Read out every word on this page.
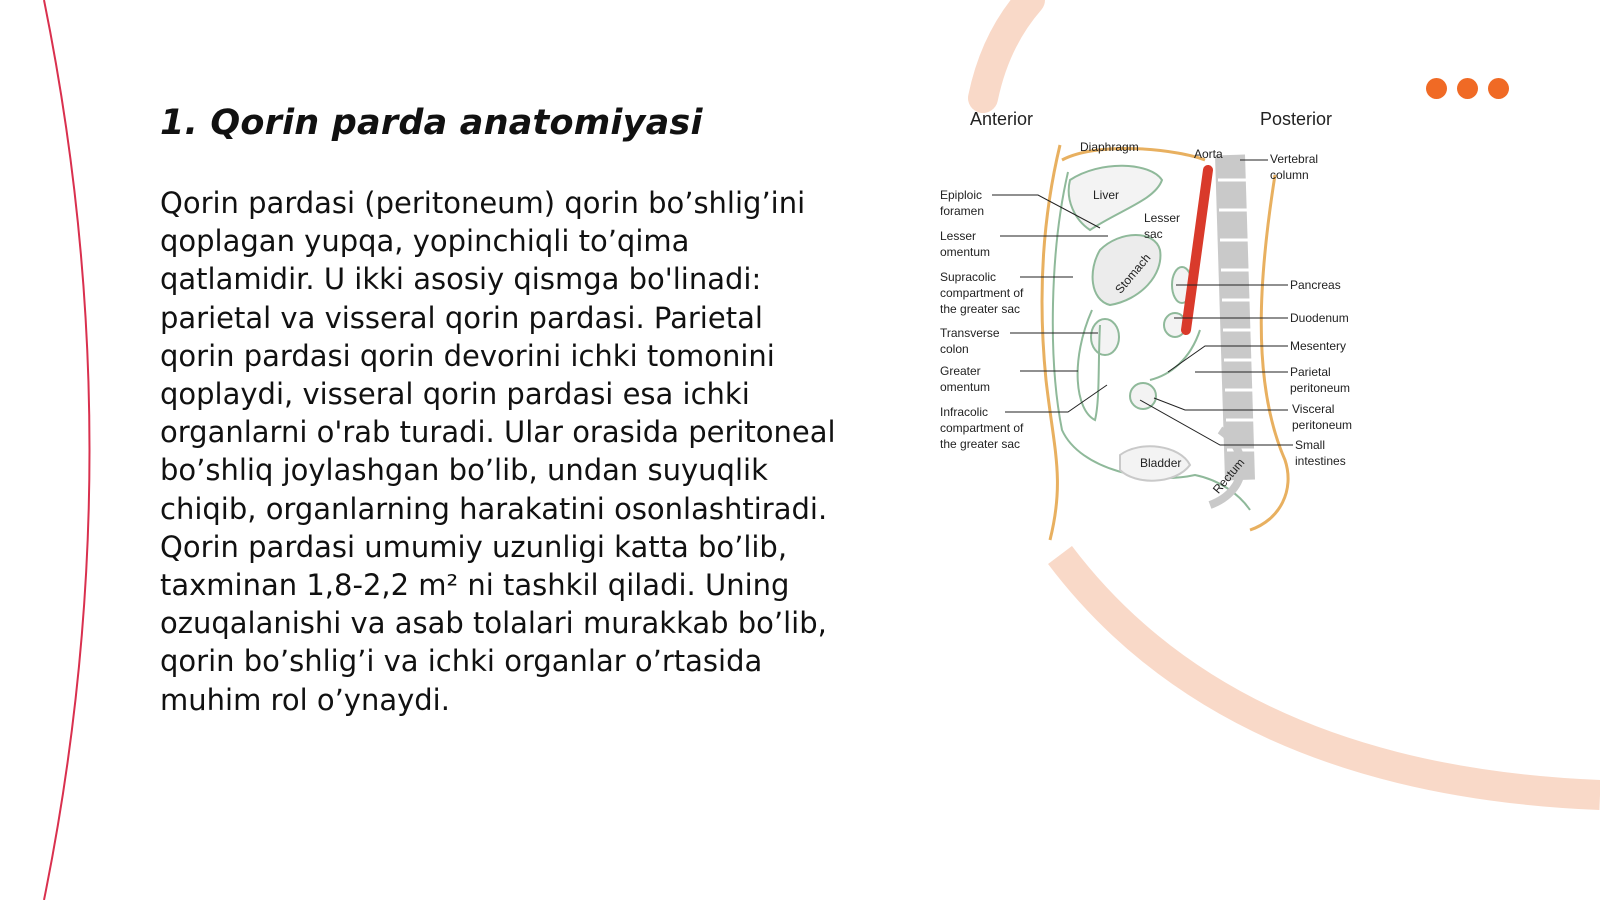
1. Qorin parda anatomiyasi

Qorin pardasi (peritoneum) qorin bo’shlig’ini qoplagan yupqa, yopinchiqli to’qima qatlamidir. U ikki asosiy qismga bo'linadi: parietal va visseral qorin pardasi. Parietal qorin pardasi qorin devorini ichki tomonini qoplaydi, visseral qorin pardasi esa ichki organlarni o'rab turadi. Ular orasida peritoneal bo’shliq joylashgan bo’lib, undan suyuqlik chiqib, organlarning harakatini osonlashtiradi. Qorin pardasi umumiy uzunligi katta bo’lib, taxminan 1,8-2,2 m² ni tashkil qiladi. Uning ozuqalanishi va asab tolalari murakkab bo’lib, qorin bo’shlig’i va ichki organlar o’rtasida muhim rol o’ynaydi.

Anterior	Posterior
Diaphragm	Aorta	Vertebral
column
Liver
Lesser
sac
Stomach
Bladder Rectum
Epiploic
foramen
Lesser
omentum
Supracolic
compartment of
the greater sac
Transverse
colon
Greater
omentum
Infracolic
compartment of
the greater sac
Pancreas
Duodenum
Mesentery
Parietal
peritoneum
Visceral
peritoneum
Small
intestines
